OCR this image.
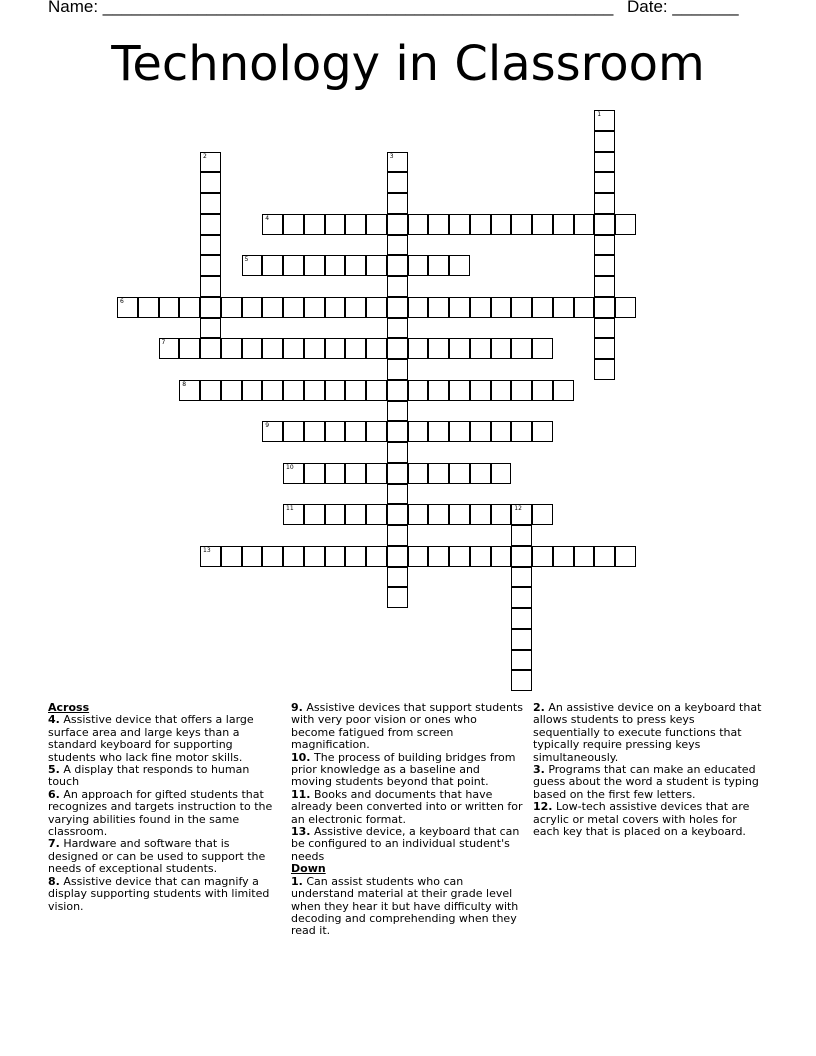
Name: ______________________________________________________ Date: _______
Technology in Classroom
1
2	3
4
5
6
7
8
9
10
11	12
13
Across
4. Assistive device that offers a large surface area and large keys than a standard keyboard for supporting students who lack fine motor skills.
5. A display that responds to human touch
6. An approach for gifted students that recognizes and targets instruction to the varying abilities found in the same classroom.
7. Hardware and software that is designed or can be used to support the needs of exceptional students.
8. Assistive device that can magnify a display supporting students with limited vision.
9. Assistive devices that support students with very poor vision or ones who become fatigued from screen magnification.
10. The process of building bridges from prior knowledge as a baseline and moving students beyond that point.
11. Books and documents that have already been converted into or written for an electronic format.
13. Assistive device, a keyboard that can be configured to an individual student's needs
Down
1. Can assist students who can understand material at their grade level when they hear it but have difficulty with decoding and comprehending when they read it.
2. An assistive device on a keyboard that allows students to press keys sequentially to execute functions that typically require pressing keys simultaneously.
3. Programs that can make an educated guess about the word a student is typing based on the first few letters.
12. Low-tech assistive devices that are acrylic or metal covers with holes for each key that is placed on a keyboard.
